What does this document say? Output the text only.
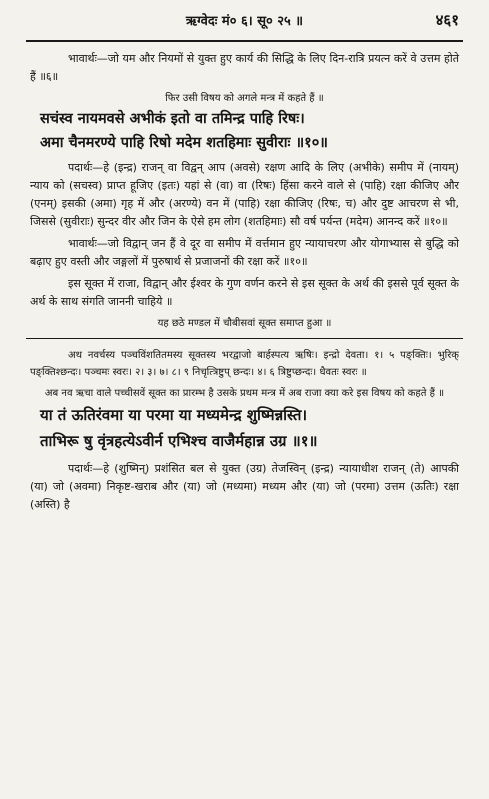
ऋग्वेदः मं० ६। सू० २५ ॥	४६१

भावार्थः—जो यम और नियमों से युक्त हुए कार्य की सिद्धि के लिए दिन-रात्रि प्रयत्न करें वे उत्तम होते हैं ॥६॥

फिर उसी विषय को अगले मन्त्र में कहते हैं ॥

सचंस्व नायमवसे अभीकं इतो वा तमिन्द्र पाहि रिषः।

अमा चैनमरण्ये पाहि रिषो मदेम शतहिमाः सुवीराः ॥१०॥

पदार्थः—हे (इन्द्र) राजन् वा विद्वन् आप (अवसे) रक्षण आदि के लिए (अभीके) समीप में (नायम्) न्याय को (सचस्व) प्राप्त हूजिए (इतः) यहां से (वा) वा (रिषः) हिंसा करने वाले से (पाहि) रक्षा कीजिए और (एनम्) इसकी (अमा) गृह में और (अरण्ये) वन में (पाहि) रक्षा कीजिए (रिषः, च) और दुष्ट आचरण से भी, जिससे (सुवीराः) सुन्दर वीर और जिन के ऐसे हम लोग (शतहिमाः) सौ वर्ष पर्यन्त (मदेम) आनन्द करें ॥१०॥

भावार्थः—जो विद्वान् जन हैं वे दूर वा समीप में वर्त्तमान हुए न्यायाचरण और योगाभ्यास से बुद्धि को बढ़ाए हुए वस्ती और जङ्गलों में पुरुषार्थ से प्रजाजनों की रक्षा करें ॥१०॥

इस सूक्त में राजा, विद्वान् और ईश्वर के गुण वर्णन करने से इस सूक्त के अर्थ की इससे पूर्व सूक्त के अर्थ के साथ संगति जाननी चाहिये ॥

यह छठे मण्डल में चौबीसवां सूक्त समाप्त हुआ ॥

अथ नवर्चस्य पञ्चविंशतितमस्य सूक्तस्य भरद्वाजो बार्हस्पत्य ऋषिः। इन्द्रो देवता। १। ५ पङ्क्तिः। भुरिक् पङ्क्तिश्छन्दः। पञ्चमः स्वरः। २। ३। ७। ८। ९ निचृत्त्रिष्टुप् छन्दः। ४। ६ त्रिष्टुप्छन्दः। धैवतः स्वरः ॥

अब नव ऋचा वाले पच्चीसवें सूक्त का प्रारम्भ है उसके प्रथम मन्त्र में अब राजा क्या करे इस विषय को कहते हैं ॥

या तं ऊतिरंवमा या परमा या मध्यमेन्द्र शुष्मिन्नस्ति।

ताभिरू षु वृंत्रहत्येऽवीर्न एभिश्च वाजैर्महान्न उग्र ॥१॥

पदार्थः—हे (शुष्मिन्) प्रशंसित बल से युक्त (उग्र) तेजस्विन् (इन्द्र) न्यायाधीश राजन् (ते) आपकी (या) जो (अवमा) निकृष्ट-खराब और (या) जो (मध्यमा) मध्यम और (या) जो (परमा) उत्तम (ऊतिः) रक्षा (अस्ति) है
